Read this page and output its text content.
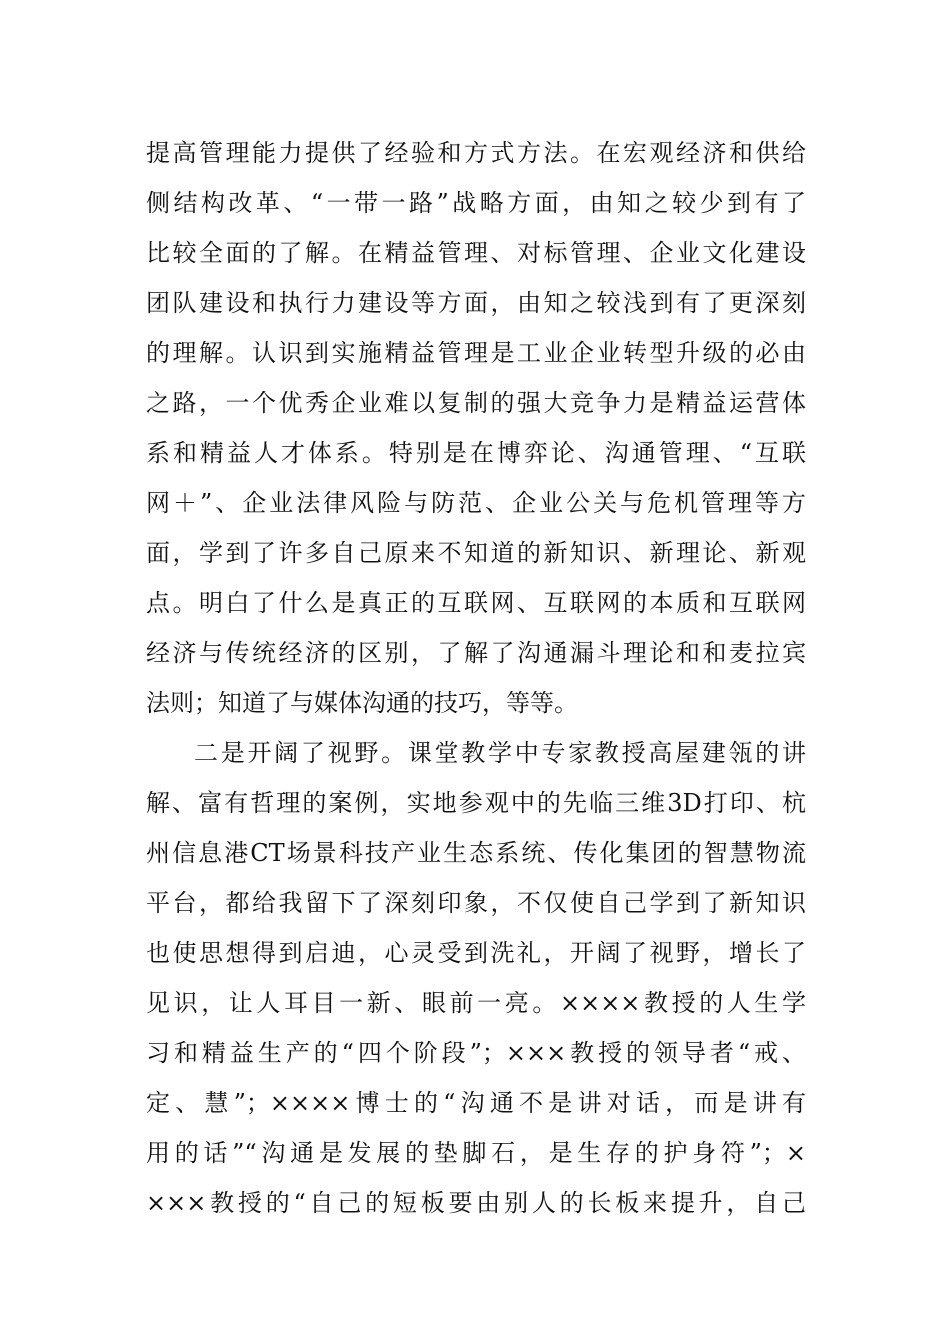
提高管理能力提供了经验和方式方法。在宏观经济和供给
侧结构改革、“一带一路”战略方面，由知之较少到有了
比较全面的了解。在精益管理、对标管理、企业文化建设
团队建设和执行力建设等方面，由知之较浅到有了更深刻
的理解。认识到实施精益管理是工业企业转型升级的必由
之路，一个优秀企业难以复制的强大竞争力是精益运营体
系和精益人才体系。特别是在博弈论、沟通管理、“互联
网＋”、企业法律风险与防范、企业公关与危机管理等方
面，学到了许多自己原来不知道的新知识、新理论、新观
点。明白了什么是真正的互联网、互联网的本质和互联网
经济与传统经济的区别，了解了沟通漏斗理论和和麦拉宾
法则；知道了与媒体沟通的技巧，等等。
二是开阔了视野。课堂教学中专家教授高屋建瓴的讲
解、富有哲理的案例，实地参观中的先临三维3D打印、杭
州信息港CT场景科技产业生态系统、传化集团的智慧物流
平台，都给我留下了深刻印象，不仅使自己学到了新知识
也使思想得到启迪，心灵受到洗礼，开阔了视野，增长了
见识，让人耳目一新、眼前一亮。××××教授的人生学
习和精益生产的“四个阶段”；×××教授的领导者“戒、
定、慧”；××××博士的“沟通不是讲对话，而是讲有
用的话”“沟通是发展的垫脚石，是生存的护身符”；×
×××教授的“自己的短板要由别人的长板来提升，自己
